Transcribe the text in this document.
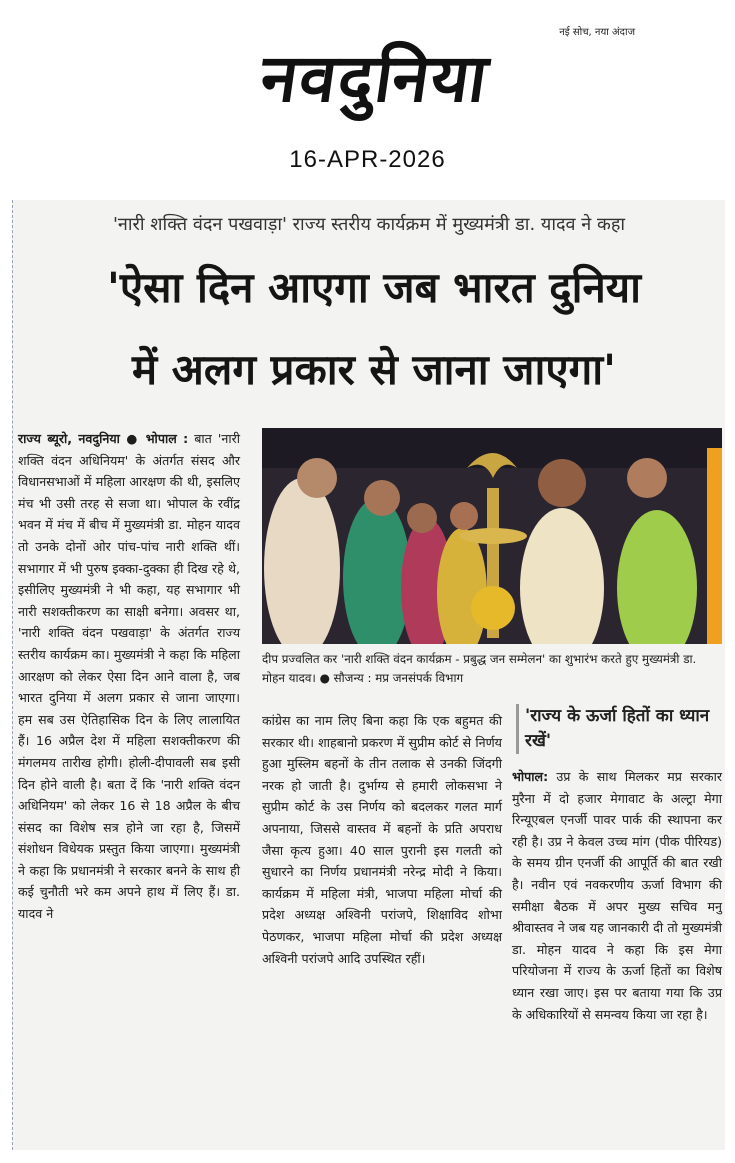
नई सोच, नया अंदाज
नवदुनिया
16-APR-2026
'नारी शक्ति वंदन पखवाड़ा' राज्य स्तरीय कार्यक्रम में मुख्यमंत्री डा. यादव ने कहा
'ऐसा दिन आएगा जब भारत दुनिया
में अलग प्रकार से जाना जाएगा'
राज्य ब्यूरो, नवदुनिया ● भोपाल : बात 'नारी शक्ति वंदन अधिनियम' के अंतर्गत संसद और विधानसभाओं में महिला आरक्षण की थी, इसलिए मंच भी उसी तरह से सजा था। भोपाल के रवींद्र भवन में मंच में बीच में मुख्यमंत्री डा. मोहन यादव तो उनके दोनों ओर पांच-पांच नारी शक्ति थीं। सभागार में भी पुरुष इक्का-दुक्का ही दिख रहे थे, इसीलिए मुख्यमंत्री ने भी कहा, यह सभागार भी नारी सशक्तीकरण का साक्षी बनेगा। अवसर था, 'नारी शक्ति वंदन पखवाड़ा' के अंतर्गत राज्य स्तरीय कार्यक्रम का। मुख्यमंत्री ने कहा कि महिला आरक्षण को लेकर ऐसा दिन आने वाला है, जब भारत दुनिया में अलग प्रकार से जाना जाएगा। हम सब उस ऐतिहासिक दिन के लिए लालायित हैं। 16 अप्रैल देश में महिला सशक्तीकरण की मंगलमय तारीख होगी। होली-दीपावली सब इसी दिन होने वाली है। बता दें कि 'नारी शक्ति वंदन अधिनियम' को लेकर 16 से 18 अप्रैल के बीच संसद का विशेष सत्र होने जा रहा है, जिसमें संशोधन विधेयक प्रस्तुत किया जाएगा। मुख्यमंत्री ने कहा कि प्रधानमंत्री ने सरकार बनने के साथ ही कई चुनौती भरे कम अपने हाथ में लिए हैं। डा. यादव ने
दीप प्रज्वलित कर 'नारी शक्ति वंदन कार्यक्रम - प्रबुद्ध जन सम्मेलन' का शुभारंभ करते हुए मुख्यमंत्री डा. मोहन यादव। ● सौजन्य : मप्र जनसंपर्क विभाग
कांग्रेस का नाम लिए बिना कहा कि एक बहुमत की सरकार थी। शाहबानो प्रकरण में सुप्रीम कोर्ट से निर्णय हुआ मुस्लिम बहनों के तीन तलाक से उनकी जिंदगी नरक हो जाती है। दुर्भाग्य से हमारी लोकसभा ने सुप्रीम कोर्ट के उस निर्णय को बदलकर गलत मार्ग अपनाया, जिससे वास्तव में बहनों के प्रति अपराध जैसा कृत्य हुआ। 40 साल पुरानी इस गलती को सुधारने का निर्णय प्रधानमंत्री नरेन्द्र मोदी ने किया। कार्यक्रम में महिला मंत्री, भाजपा महिला मोर्चा की प्रदेश अध्यक्ष अश्विनी परांजपे, शिक्षाविद शोभा पेठणकर, भाजपा महिला मोर्चा की प्रदेश अध्यक्ष अश्विनी परांजपे आदि उपस्थित रहीं।
'राज्य के ऊर्जा हितों का ध्यान रखें'
भोपाल: उप्र के साथ मिलकर मप्र सरकार मुरैना में दो हजार मेगावाट के अल्ट्रा मेगा रिन्यूएबल एनर्जी पावर पार्क की स्थापना कर रही है। उप्र ने केवल उच्च मांग (पीक पीरियड) के समय ग्रीन एनर्जी की आपूर्ति की बात रखी है। नवीन एवं नवकरणीय ऊर्जा विभाग की समीक्षा बैठक में अपर मुख्य सचिव मनु श्रीवास्तव ने जब यह जानकारी दी तो मुख्यमंत्री डा. मोहन यादव ने कहा कि इस मेगा परियोजना में राज्य के ऊर्जा हितों का विशेष ध्यान रखा जाए। इस पर बताया गया कि उप्र के अधिकारियों से समन्वय किया जा रहा है।
